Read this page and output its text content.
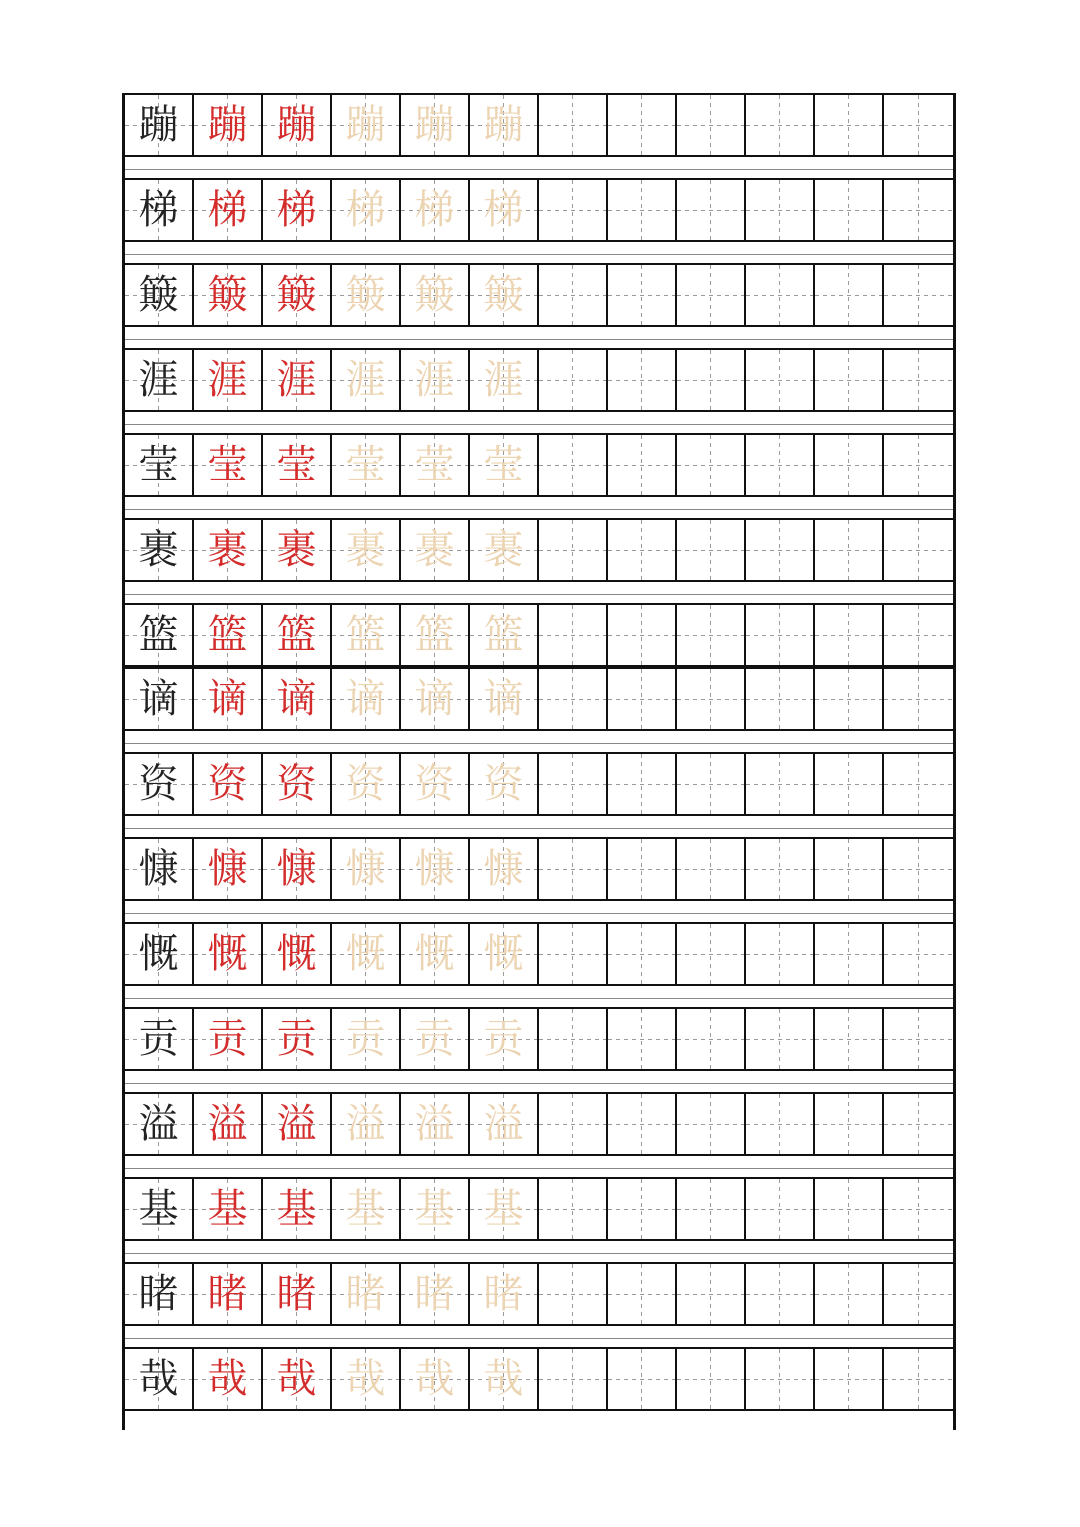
蹦 蹦 蹦 蹦 蹦 蹦
梯 梯 梯 梯 梯 梯
簸 簸 簸 簸 簸 簸
涯 涯 涯 涯 涯 涯
莹 莹 莹 莹 莹 莹
裹 裹 裹 裹 裹 裹
篮 篮 篮 篮 篮 篮
谪 谪 谪 谪 谪 谪
资 资 资 资 资 资
慷 慷 慷 慷 慷 慷
慨 慨 慨 慨 慨 慨
贡 贡 贡 贡 贡 贡
溢 溢 溢 溢 溢 溢
基 基 基 基 基 基
睹 睹 睹 睹 睹 睹
哉 哉 哉 哉 哉 哉
